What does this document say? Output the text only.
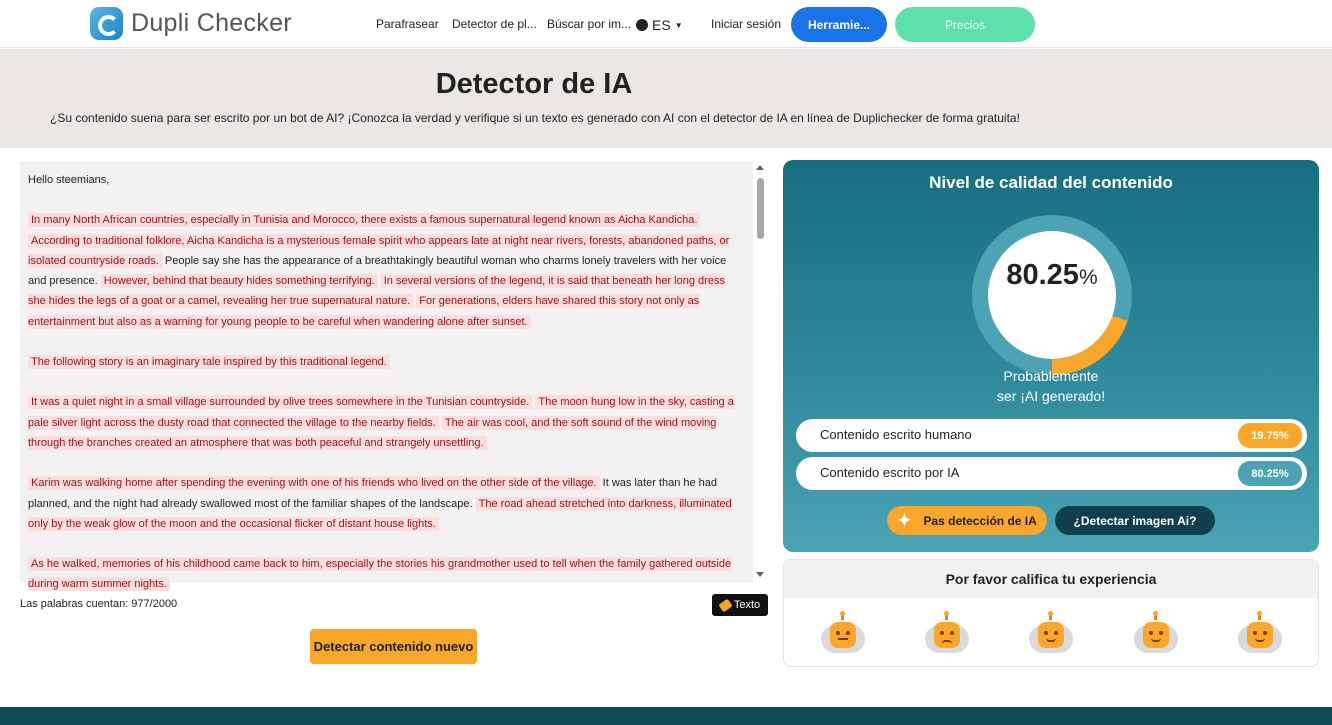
Dupli Checker	Parafrasear Detector de pl... Búscar por im... ES ▼ Iniciar sesión	Herramie...	Precios
Detector de IA

¿Su contenido suena para ser escrito por un bot de AI? ¡Conozca la verdad y verifique si un texto es generado con AI con el detector de IA en línea de Duplichecker de forma gratuita!

Hello steemians,
In many North African countries, especially in Tunisia and Morocco, there exists a famous supernatural legend known as Aicha Kandicha. According to traditional folklore, Aicha Kandicha is a mysterious female spirit who appears late at night near rivers, forests, abandoned paths, or isolated countryside roads. People say she has the appearance of a breathtakingly beautiful woman who charms lonely travelers with her voice and presence. However, behind that beauty hides something terrifying. In several versions of the legend, it is said that beneath her long dress she hides the legs of a goat or a camel, revealing her true supernatural nature. For generations, elders have shared this story not only as entertainment but also as a warning for young people to be careful when wandering alone after sunset.
The following story is an imaginary tale inspired by this traditional legend.
It was a quiet night in a small village surrounded by olive trees somewhere in the Tunisian countryside. The moon hung low in the sky, casting a pale silver light across the dusty road that connected the village to the nearby fields. The air was cool, and the soft sound of the wind moving through the branches created an atmosphere that was both peaceful and strangely unsettling.
Karim was walking home after spending the evening with one of his friends who lived on the other side of the village. It was later than he had planned, and the night had already swallowed most of the familiar shapes of the landscape. The road ahead stretched into darkness, illuminated only by the weak glow of the moon and the occasional flicker of distant house lights.
As he walked, memories of his childhood came back to him, especially the stories his grandmother used to tell when the family gathered outside during warm summer nights.
Las palabras cuentan: 977/2000	Texto
Detectar contenido nuevo
Nivel de calidad del contenido
80.25%
Probablemente
ser ¡AI generado!
Contenido escrito humano	19.75%
Contenido escrito por IA	80.25%
✦ Pas detección de IA	¿Detectar imagen Ai?
Por favor califica tu experiencia
